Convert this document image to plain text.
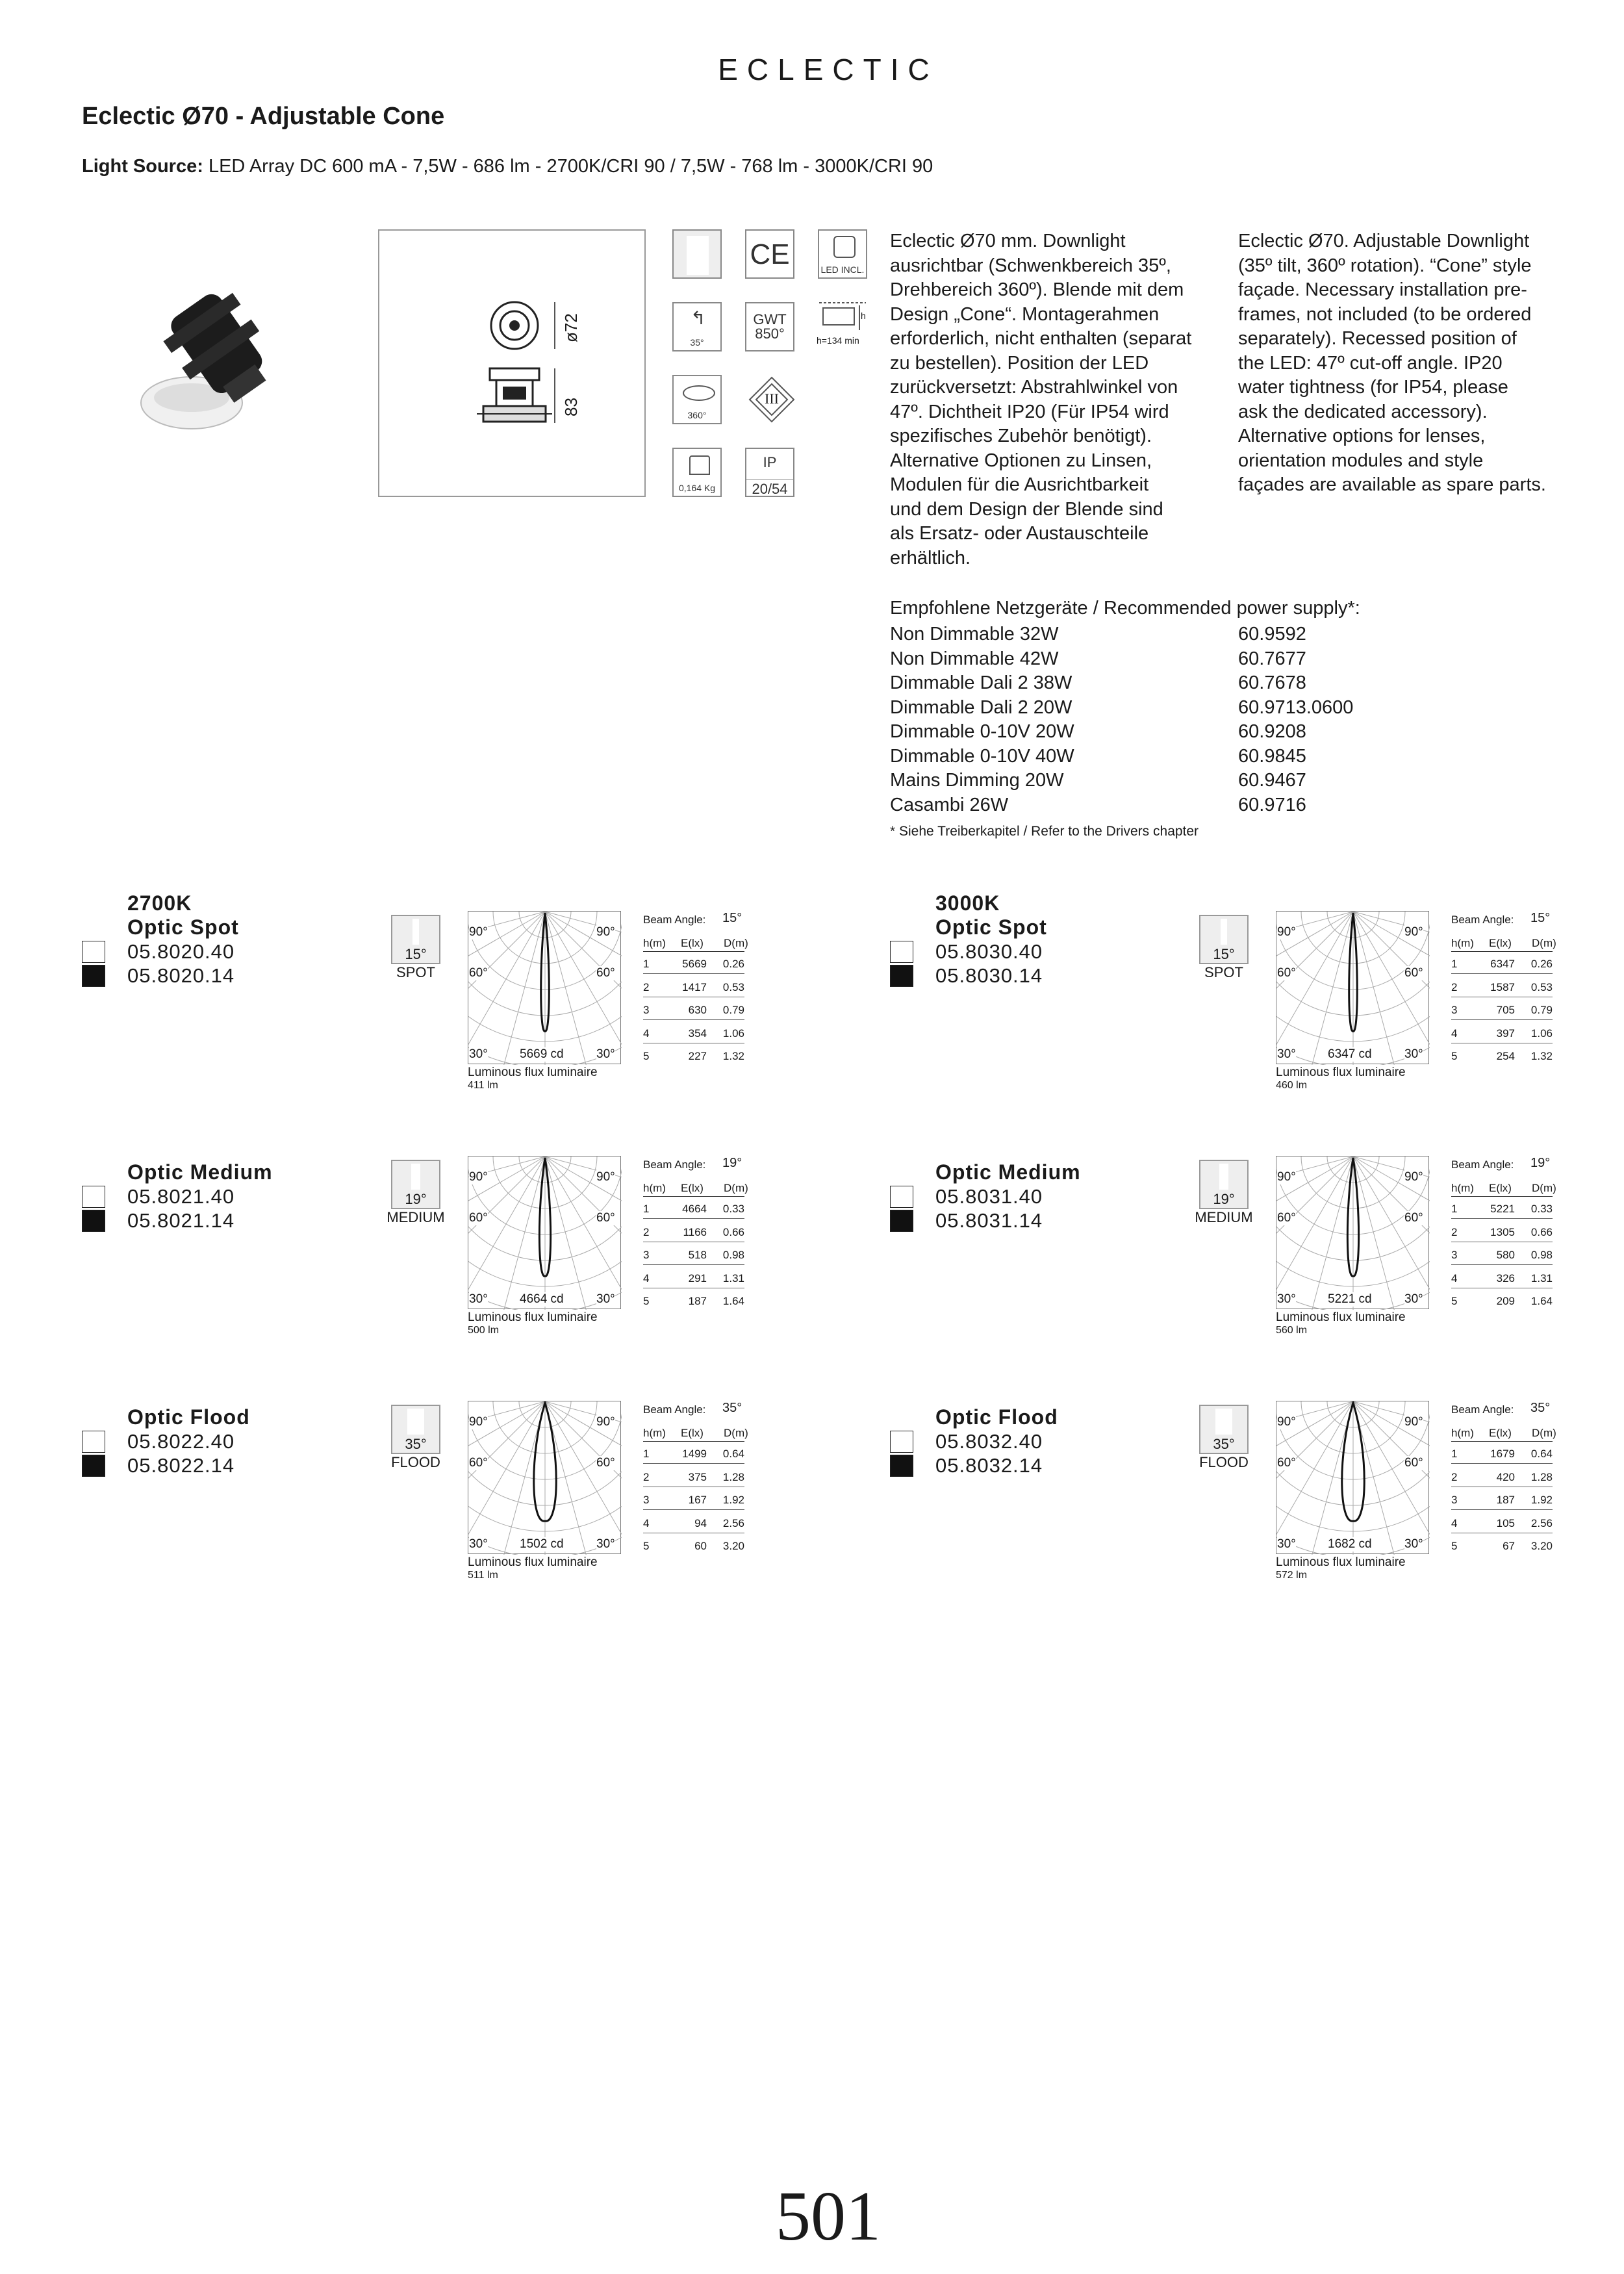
ECLECTIC
Eclectic Ø70 - Adjustable Cone
Light Source: LED Array DC 600 mA - 7,5W - 686 lm - 2700K/CRI 90 / 7,5W - 768 lm - 3000K/CRI 90
ø72
83
CE	LED INCL.
↰
35°
GWT
850°
h
h=134 min
360°
III
0,164 Kg
IP
20/54
Eclectic Ø70 mm. Downlight
ausrichtbar (Schwenkbereich 35º,
Drehbereich 360º). Blende mit dem
Design „Cone“. Montagerahmen
erforderlich, nicht enthalten (separat
zu bestellen). Position der LED
zurückversetzt: Abstrahlwinkel von
47º. Dichtheit IP20 (Für IP54 wird
spezifisches Zubehör benötigt).
Alternative Optionen zu Linsen,
Modulen für die Ausrichtbarkeit
und dem Design der Blende sind
als Ersatz- oder Austauschteile
erhältlich.
Eclectic Ø70. Adjustable Downlight
(35º tilt, 360º rotation). “Cone” style
façade. Necessary installation pre-
frames, not included (to be ordered
separately). Recessed position of
the LED: 47º cut-off angle. IP20
water tightness (for IP54, please
ask the dedicated accessory).
Alternative options for lenses,
orientation modules and style
façades are available as spare parts.
Empfohlene Netzgeräte / Recommended power supply*:
Non Dimmable 32W	60.9592
Non Dimmable 42W	60.7677
Dimmable Dali 2 38W	60.7678
Dimmable Dali 2 20W	60.9713.0600
Dimmable 0-10V 20W	60.9208
Dimmable 0-10V 40W	60.9845
Mains Dimming 20W	60.9467
Casambi 26W	60.9716
* Siehe Treiberkapitel / Refer to the Drivers chapter
2700K
Optic Spot
05.8020.40
05.8020.14
15°
SPOT
90°	90°
60°	60°
30°	30°
5669 cd
Luminous flux luminaire
411 lm
Beam Angle: 15°
h(m) E(lx) D(m)
1	5669	0.26
2	1417	0.53
3	630	0.79
4	354	1.06
5	227	1.32
Optic Medium
05.8021.40
05.8021.14
19°
MEDIUM
90°	90°
60°	60°
30°	30°
4664 cd
Luminous flux luminaire
500 lm
Beam Angle: 19°
h(m) E(lx) D(m)
1	4664	0.33
2	1166	0.66
3	518	0.98
4	291	1.31
5	187	1.64
Optic Flood
05.8022.40
05.8022.14
35°
FLOOD
90°	90°
60°	60°
30°	30°
1502 cd
Luminous flux luminaire
511 lm
Beam Angle: 35°
h(m) E(lx) D(m)
1	1499	0.64
2	375	1.28
3	167	1.92
4	94	2.56
5	60	3.20
3000K
Optic Spot
05.8030.40
05.8030.14
15°
SPOT
90°	90°
60°	60°
30°	30°
6347 cd
Luminous flux luminaire
460 lm
Beam Angle: 15°
h(m) E(lx) D(m)
1	6347	0.26
2	1587	0.53
3	705	0.79
4	397	1.06
5	254	1.32
Optic Medium
05.8031.40
05.8031.14
19°
MEDIUM
90°	90°
60°	60°
30°	30°
5221 cd
Luminous flux luminaire
560 lm
Beam Angle: 19°
h(m) E(lx) D(m)
1	5221	0.33
2	1305	0.66
3	580	0.98
4	326	1.31
5	209	1.64
Optic Flood
05.8032.40
05.8032.14
35°
FLOOD
90°	90°
60°	60°
30°	30°
1682 cd
Luminous flux luminaire
572 lm
Beam Angle: 35°
h(m) E(lx) D(m)
1	1679	0.64
2	420	1.28
3	187	1.92
4	105	2.56
5	67	3.20
501
